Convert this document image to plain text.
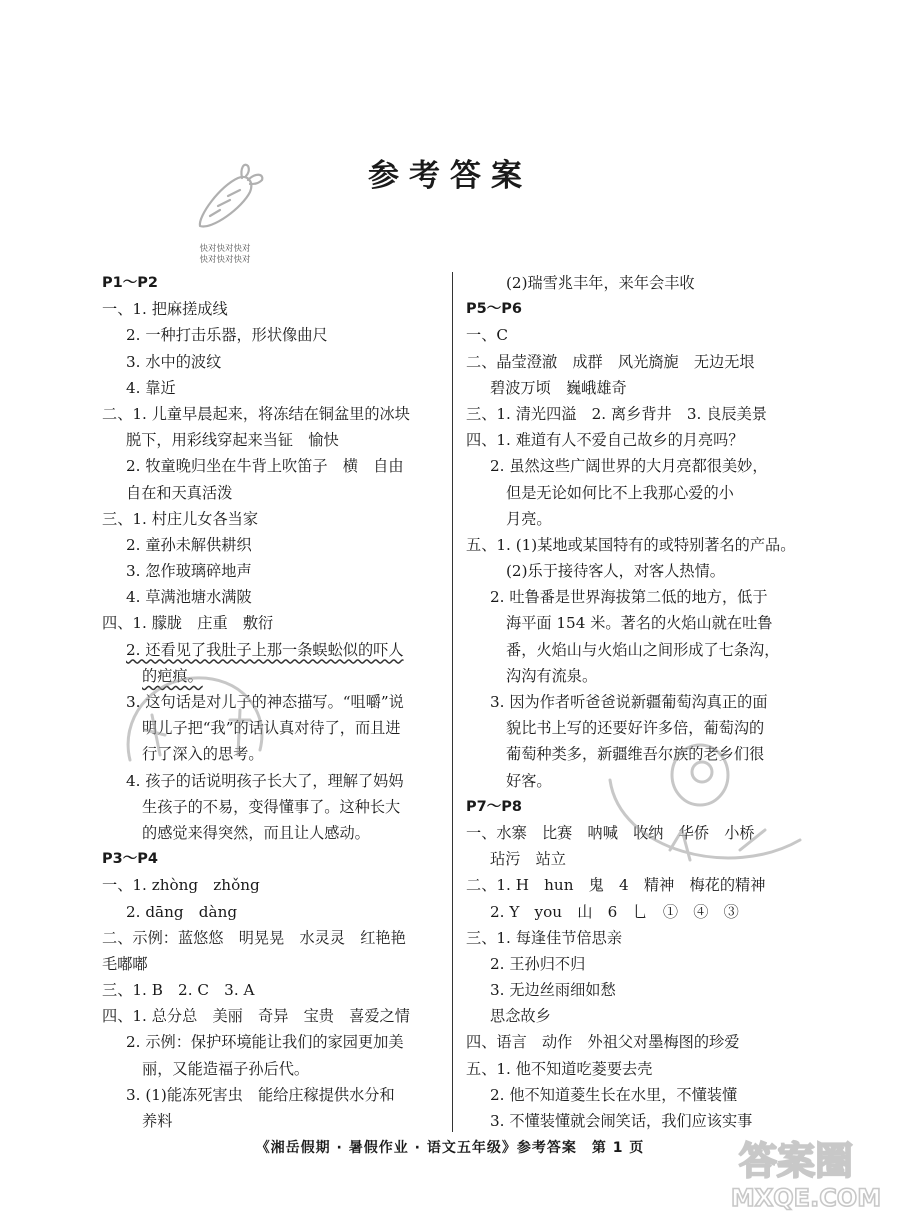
快对快对快对
快对快对快对
参考答案
P1～P2
一、1. 把麻搓成线
2. 一种打击乐器，形状像曲尺
3. 水中的波纹
4. 靠近
二、1. 儿童早晨起来，将冻结在铜盆里的冰块
脱下，用彩线穿起来当钲　愉快
2. 牧童晚归坐在牛背上吹笛子　横　自由
自在和天真活泼
三、1. 村庄儿女各当家
2. 童孙未解供耕织
3. 忽作玻璃碎地声
4. 草满池塘水满陂
四、1. 朦胧　庄重　敷衍
2. 还看见了我肚子上那一条蜈蚣似的吓人
的疤痕。
3. 这句话是对儿子的神态描写。“咀嚼”说
明儿子把“我”的话认真对待了，而且进
行了深入的思考。
4. 孩子的话说明孩子长大了，理解了妈妈
生孩子的不易，变得懂事了。这种长大
的感觉来得突然，而且让人感动。
P3～P4
一、1. zhòng　zhǒng
2. dāng　dàng
二、示例：蓝悠悠　明晃晃　水灵灵　红艳艳
毛嘟嘟
三、1. B　2. C　3. A
四、1. 总分总　美丽　奇异　宝贵　喜爱之情
2. 示例：保护环境能让我们的家园更加美
丽，又能造福子孙后代。
3. (1)能冻死害虫　能给庄稼提供水分和
养料
(2)瑞雪兆丰年，来年会丰收
P5～P6
一、C
二、晶莹澄澈　成群　风光旖旎　无边无垠
碧波万顷　巍峨雄奇
三、1. 清光四溢　2. 离乡背井　3. 良辰美景
四、1. 难道有人不爱自己故乡的月亮吗？
2. 虽然这些广阔世界的大月亮都很美妙，
但是无论如何比不上我那心爱的小
月亮。
五、1. (1)某地或某国特有的或特别著名的产品。
(2)乐于接待客人，对客人热情。
2. 吐鲁番是世界海拔第二低的地方，低于
海平面 154 米。著名的火焰山就在吐鲁
番，火焰山与火焰山之间形成了七条沟，
沟沟有流泉。
3. 因为作者听爸爸说新疆葡萄沟真正的面
貌比书上写的还要好许多倍，葡萄沟的
葡萄种类多，新疆维吾尔族的老乡们很
好客。
P7～P8
一、水寨　比赛　呐喊　收纳　华侨　小桥
玷污　站立
二、1. H　hun　鬼　4　精神　梅花的精神
2. Y　you　山　6　乚　①　④　③
三、1. 每逢佳节倍思亲
2. 王孙归不归
3. 无边丝雨细如愁
思念故乡
四、语言　动作　外祖父对墨梅图的珍爱
五、1. 他不知道吃菱要去壳
2. 他不知道菱生长在水里，不懂装懂
3. 不懂装懂就会闹笑话，我们应该实事
《湘岳假期 · 暑假作业 · 语文五年级》参考答案　第 1 页	答案圈
MXQE.COM
